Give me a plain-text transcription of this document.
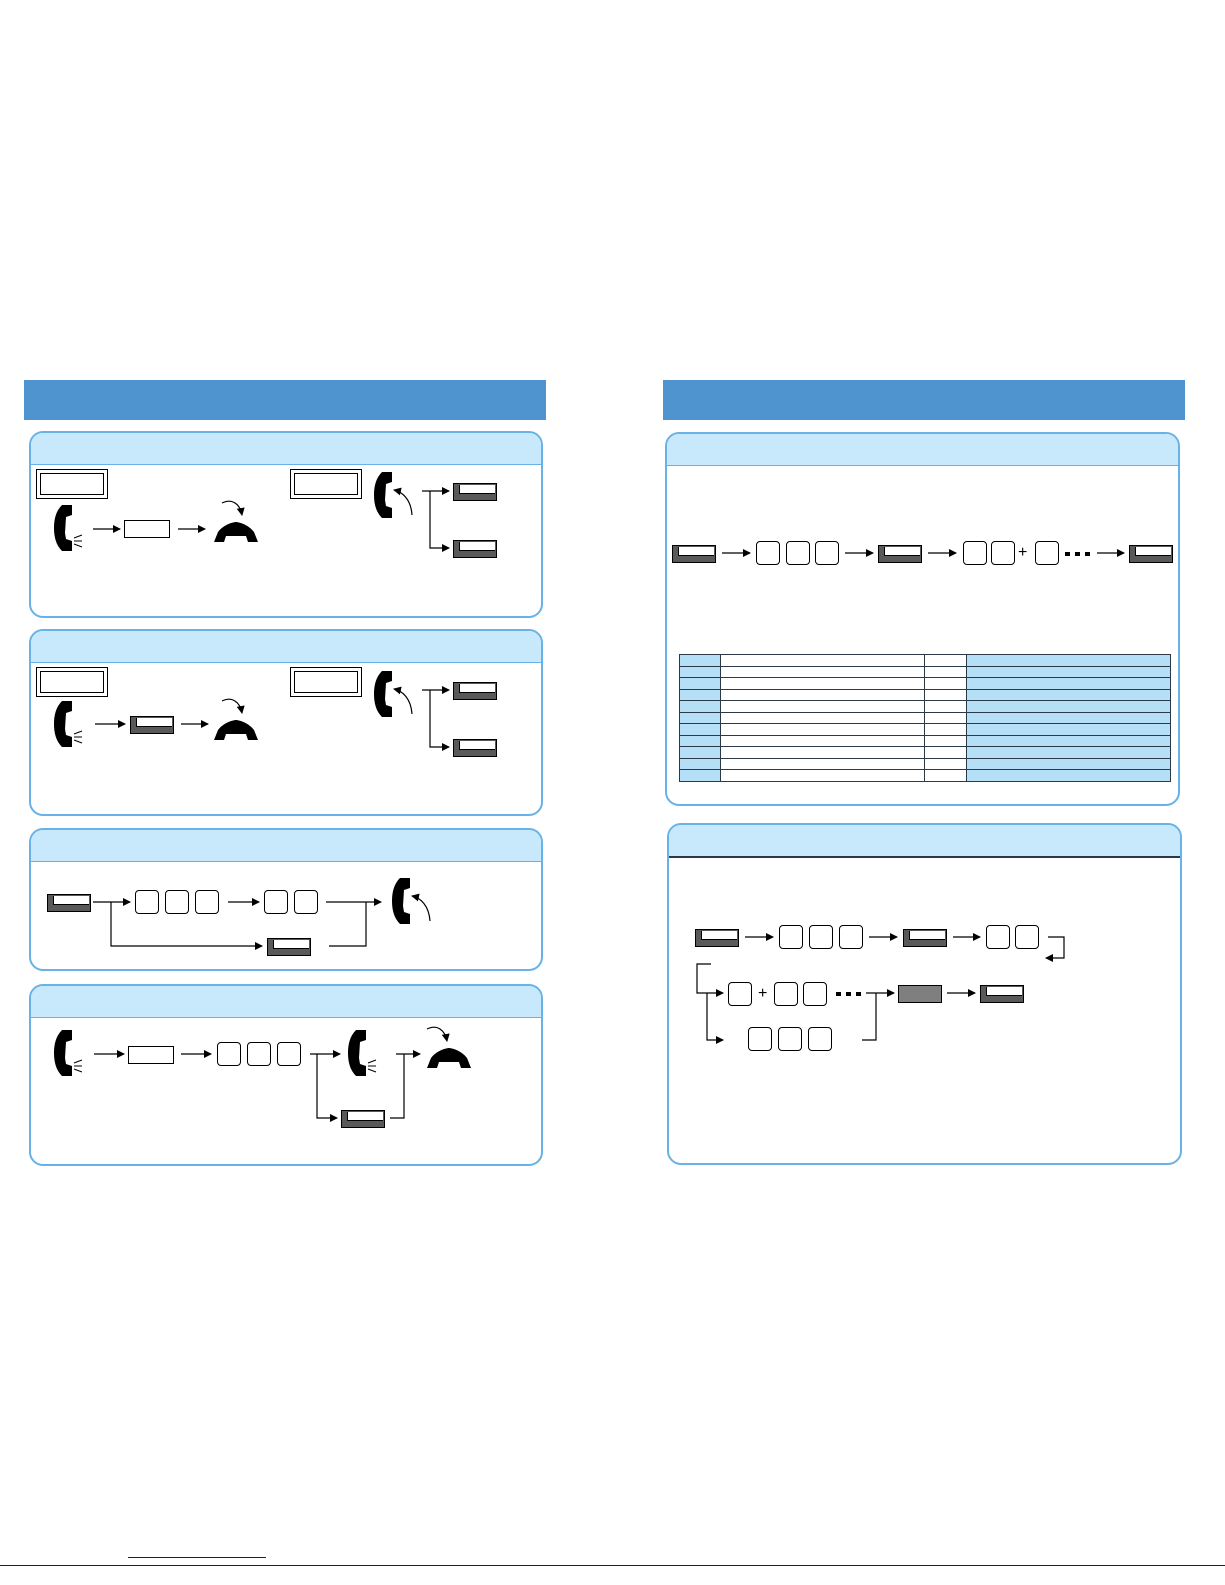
+

+
